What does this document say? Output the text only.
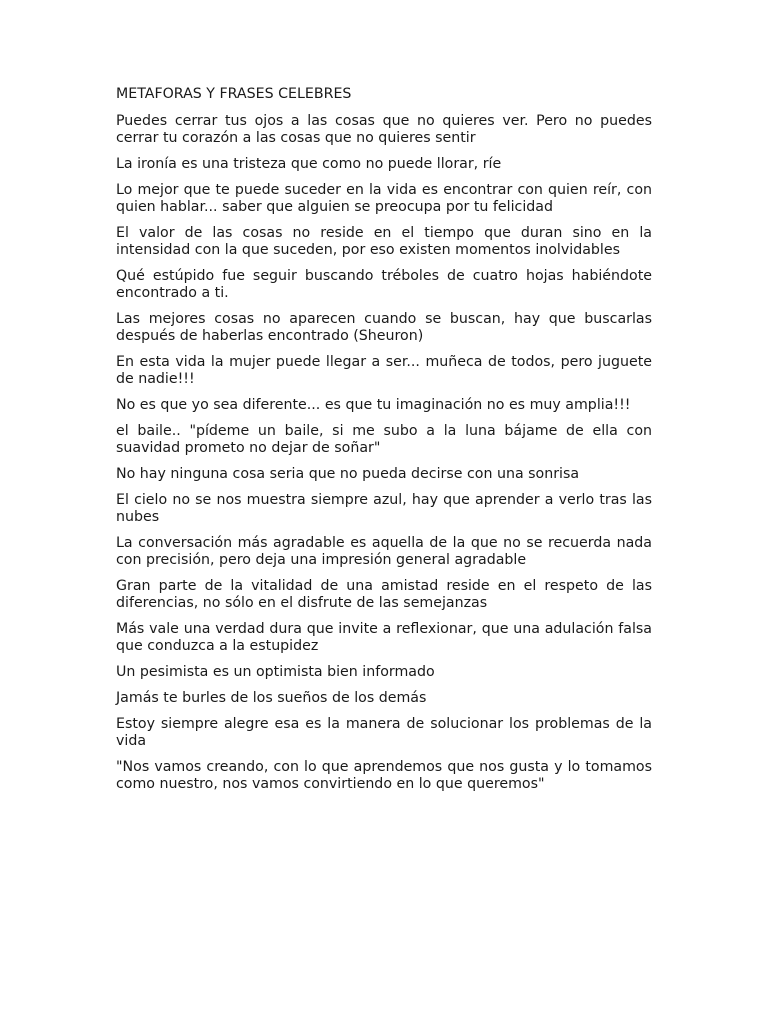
METAFORAS Y FRASES CELEBRES

Puedes cerrar tus ojos a las cosas que no quieres ver. Pero no puedes cerrar tu corazón a las cosas que no quieres sentir

La ironía es una tristeza que como no puede llorar, ríe

Lo mejor que te puede suceder en la vida es encontrar con quien reír, con quien hablar... saber que alguien se preocupa por tu felicidad

El valor de las cosas no reside en el tiempo que duran sino en la intensidad con la que suceden, por eso existen momentos inolvidables

Qué estúpido fue seguir buscando tréboles de cuatro hojas habiéndote encontrado a ti.

Las mejores cosas no aparecen cuando se buscan, hay que buscarlas después de haberlas encontrado (Sheuron)

En esta vida la mujer puede llegar a ser... muñeca de todos, pero juguete de nadie!!!

No es que yo sea diferente... es que tu imaginación no es muy amplia!!!

el baile.. "pídeme un baile, si me subo a la luna bájame de ella con suavidad prometo no dejar de soñar"

No hay ninguna cosa seria que no pueda decirse con una sonrisa

El cielo no se nos muestra siempre azul, hay que aprender a verlo tras las nubes

La conversación más agradable es aquella de la que no se recuerda nada con precisión, pero deja una impresión general agradable

Gran parte de la vitalidad de una amistad reside en el respeto de las diferencias, no sólo en el disfrute de las semejanzas

Más vale una verdad dura que invite a reflexionar, que una adulación falsa que conduzca a la estupidez

Un pesimista es un optimista bien informado

Jamás te burles de los sueños de los demás

Estoy siempre alegre esa es la manera de solucionar los problemas de la vida

"Nos vamos creando, con lo que aprendemos que nos gusta y lo tomamos como nuestro, nos vamos convirtiendo en lo que queremos"
